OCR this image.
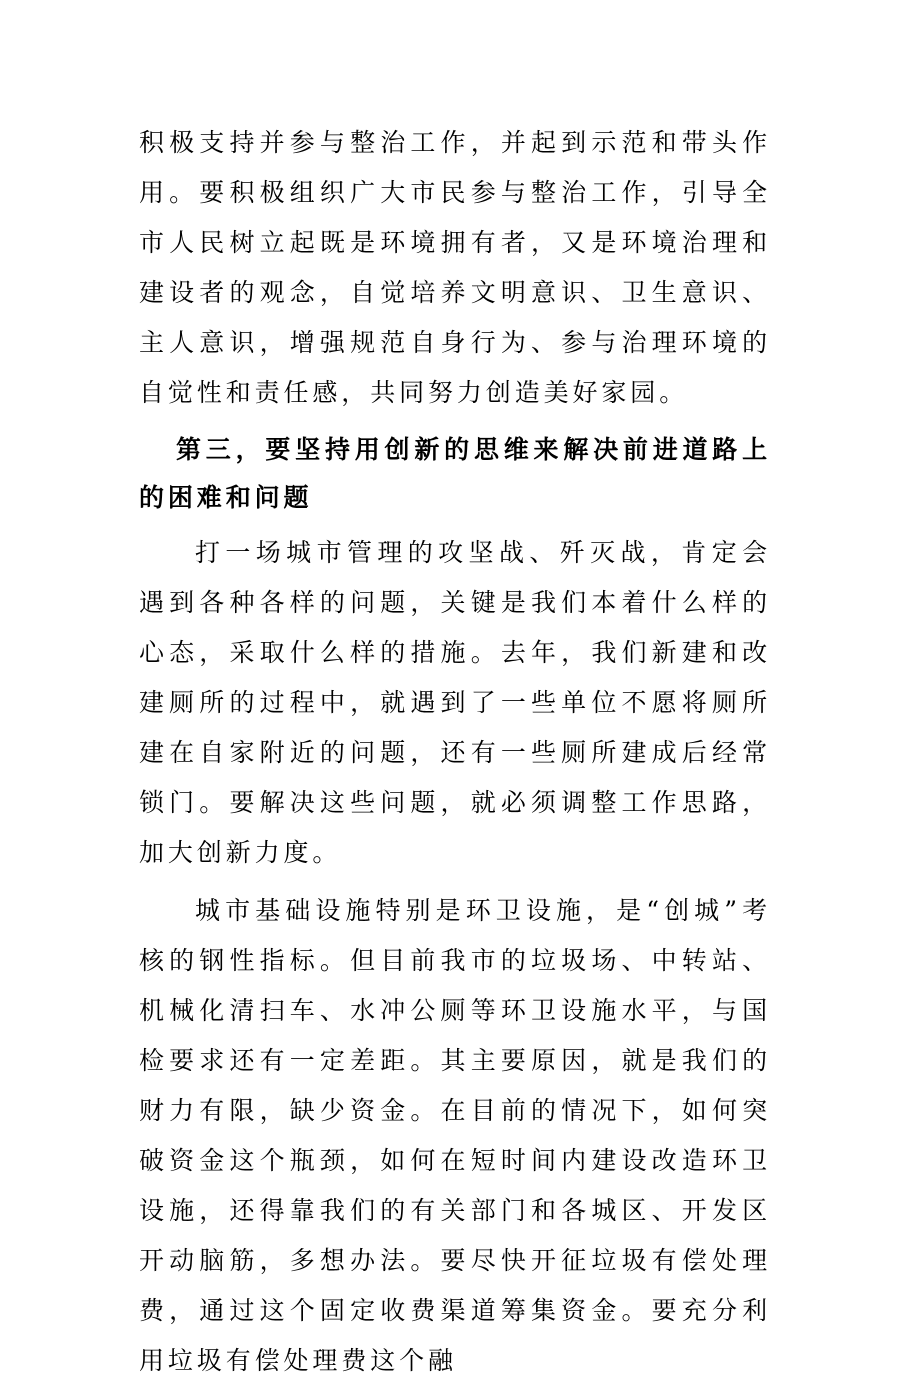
积极支持并参与整治工作，并起到示范和带头作用。要积极组织广大市民参与整治工作，引导全市人民树立起既是环境拥有者，又是环境治理和建设者的观念，自觉培养文明意识、卫生意识、主人意识，增强规范自身行为、参与治理环境的自觉性和责任感，共同努力创造美好家园。

第三，要坚持用创新的思维来解决前进道路上的困难和问题

打一场城市管理的攻坚战、歼灭战，肯定会遇到各种各样的问题，关键是我们本着什么样的心态，采取什么样的措施。去年，我们新建和改建厕所的过程中，就遇到了一些单位不愿将厕所建在自家附近的问题，还有一些厕所建成后经常锁门。要解决这些问题，就必须调整工作思路，加大创新力度。

城市基础设施特别是环卫设施，是“创城”考核的钢性指标。但目前我市的垃圾场、中转站、机械化清扫车、水冲公厕等环卫设施水平，与国检要求还有一定差距。其主要原因，就是我们的财力有限，缺少资金。在目前的情况下，如何突破资金这个瓶颈，如何在短时间内建设改造环卫设施，还得靠我们的有关部门和各城区、开发区开动脑筋，多想办法。要尽快开征垃圾有偿处理费，通过这个固定收费渠道筹集资金。要充分利用垃圾有偿处理费这个融
